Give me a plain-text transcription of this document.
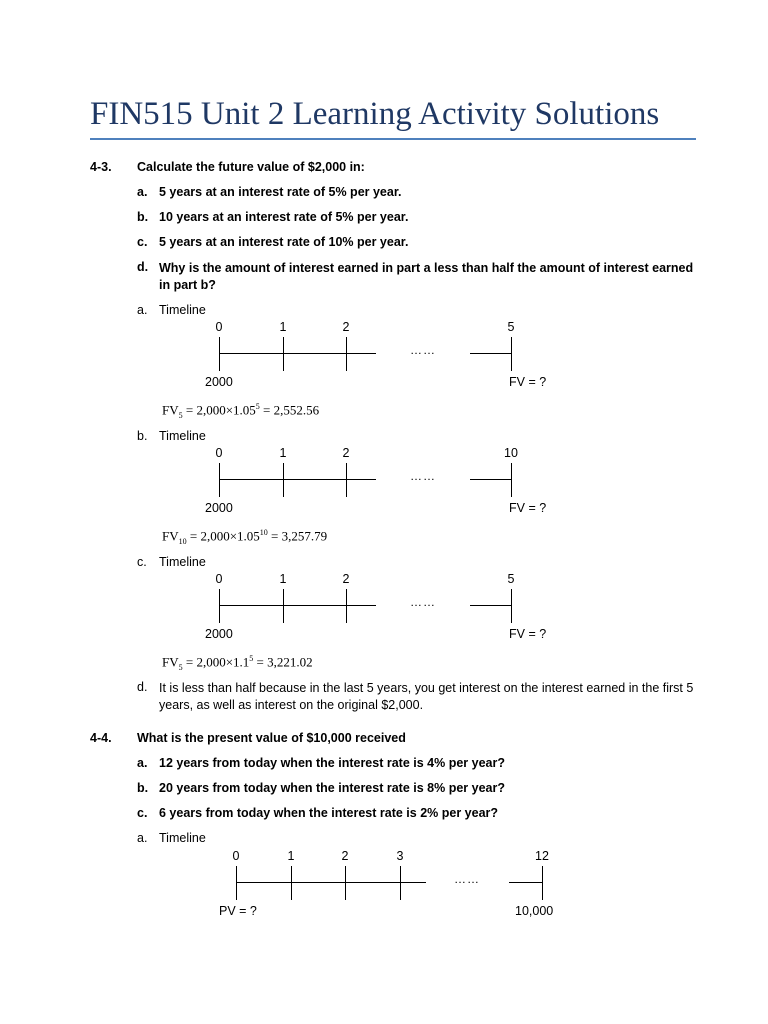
FIN515 Unit 2 Learning Activity Solutions
4-3. Calculate the future value of $2,000 in:
a. 5 years at an interest rate of 5% per year.
b. 10 years at an interest rate of 5% per year.
c. 5 years at an interest rate of 10% per year.
d. Why is the amount of interest earned in part a less than half the amount of interest earned in part b?
a. Timeline
0	1	2	5
……
2000	FV = ?
$FV_5 = 2,000\times 1.05^5 = 2,552.56$
b. Timeline
0	1	2	10
……
2000	FV = ?
$FV_{10} = 2,000\times 1.05^{10} = 3,257.79$
c. Timeline
0	1	2	5
……
2000	FV = ?
$FV_5 = 2,000\times 1.1^5 = 3,221.02$
d. It is less than half because in the last 5 years, you get interest on the interest earned in the first 5 years, as well as interest on the original $2,000.
4-4. What is the present value of $10,000 received
a. 12 years from today when the interest rate is 4% per year?
b. 20 years from today when the interest rate is 8% per year?
c. 6 years from today when the interest rate is 2% per year?
a. Timeline
0	1	2	3	12
……
PV = ?	10,000
